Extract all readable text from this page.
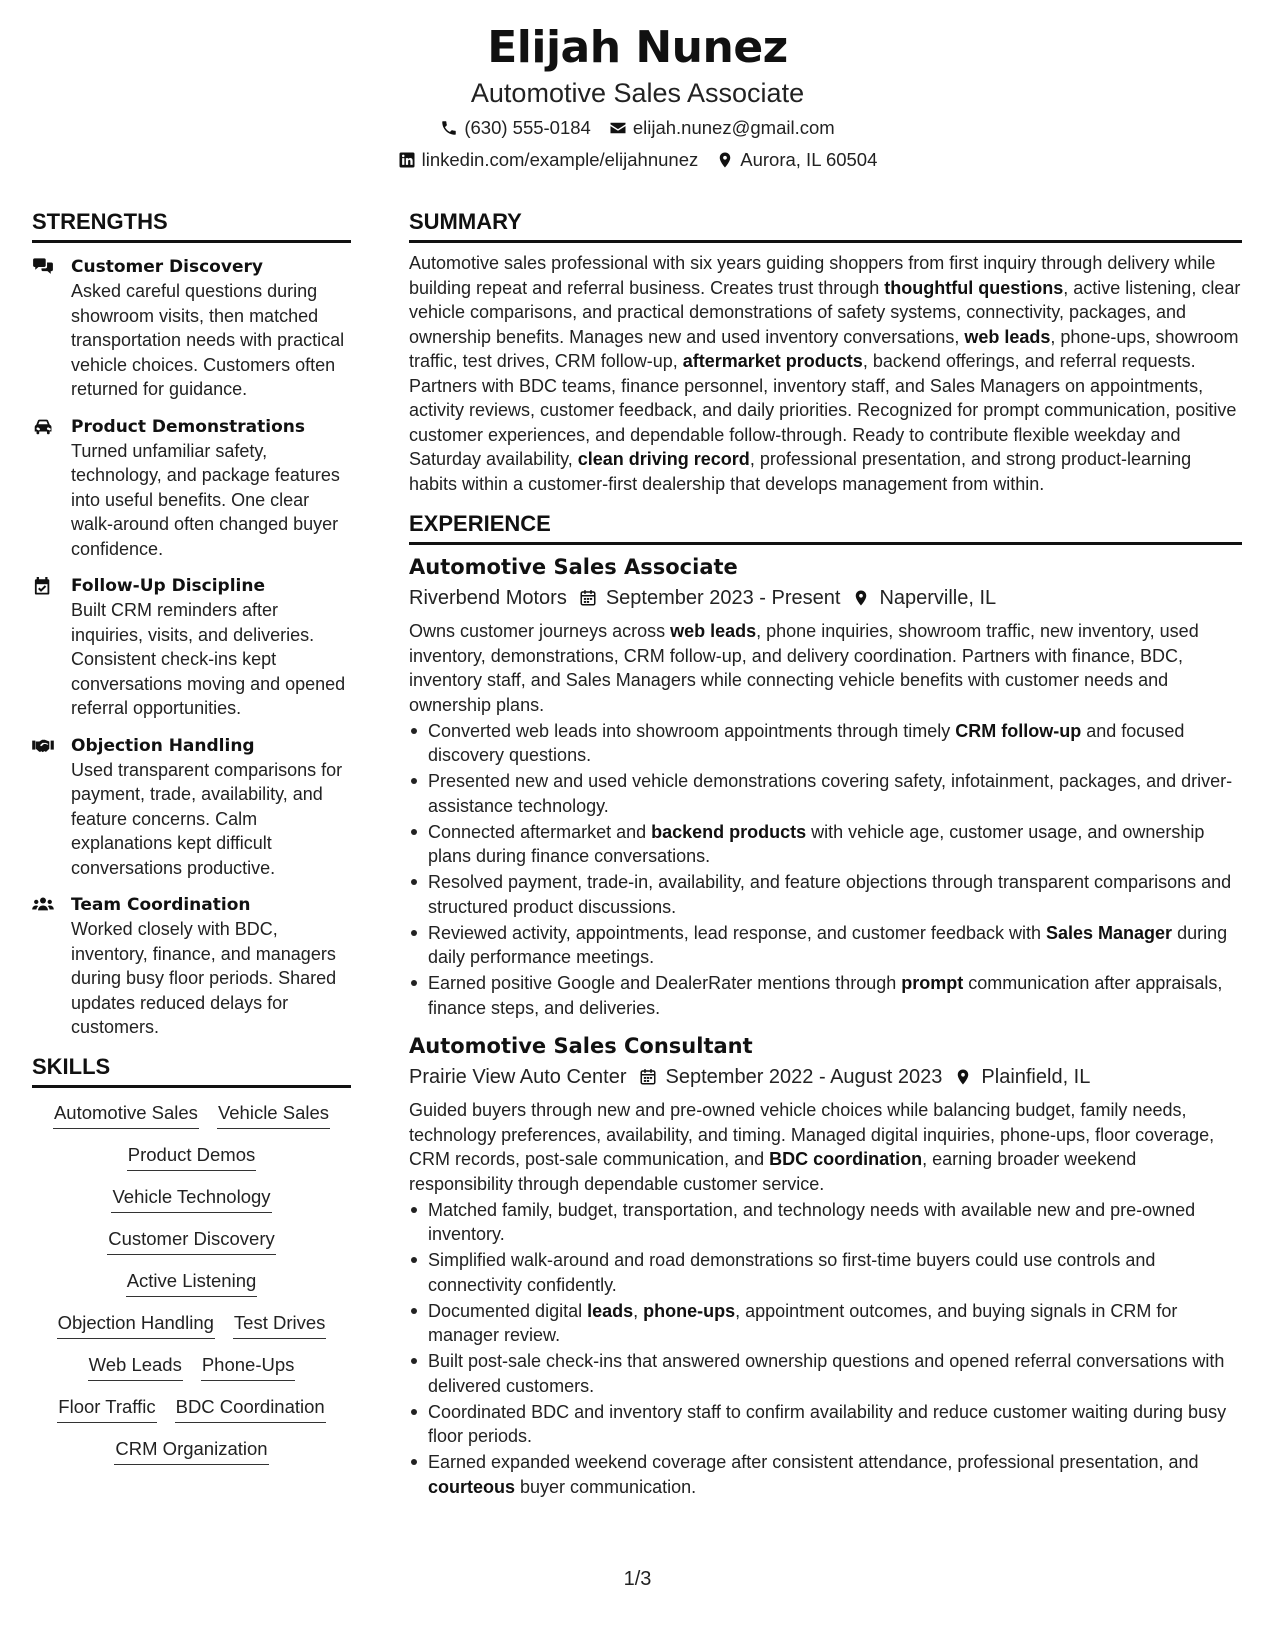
Elijah Nunez
Automotive Sales Associate
(630) 555-0184 elijah.nunez@gmail.com
linkedin.com/example/elijahnunez Aurora, IL 60504
STRENGTHS
Customer Discovery
Asked careful questions during showroom visits, then matched transportation needs with practical vehicle choices. Customers often returned for guidance.
Product Demonstrations
Turned unfamiliar safety, technology, and package features into useful benefits. One clear walk-around often changed buyer confidence.
Follow-Up Discipline
Built CRM reminders after inquiries, visits, and deliveries. Consistent check-ins kept conversations moving and opened referral opportunities.
Objection Handling
Used transparent comparisons for payment, trade, availability, and feature concerns. Calm explanations kept difficult conversations productive.
Team Coordination
Worked closely with BDC, inventory, finance, and managers during busy floor periods. Shared updates reduced delays for customers.
SKILLS
Automotive Sales Vehicle Sales
Product Demos
Vehicle Technology
Customer Discovery
Active Listening
Objection Handling Test Drives
Web Leads Phone-Ups
Floor Traffic BDC Coordination
CRM Organization
SUMMARY
Automotive sales professional with six years guiding shoppers from first inquiry through delivery while building repeat and referral business. Creates trust through thoughtful questions, active listening, clear vehicle comparisons, and practical demonstrations of safety systems, connectivity, packages, and ownership benefits. Manages new and used inventory conversations, web leads, phone-ups, showroom traffic, test drives, CRM follow-up, aftermarket products, backend offerings, and referral requests. Partners with BDC teams, finance personnel, inventory staff, and Sales Managers on appointments, activity reviews, customer feedback, and daily priorities. Recognized for prompt communication, positive customer experiences, and dependable follow-through. Ready to contribute flexible weekday and Saturday availability, clean driving record, professional presentation, and strong product-learning habits within a customer-first dealership that develops management from within.
EXPERIENCE
Automotive Sales Associate
Riverbend Motors September 2023 - Present Naperville, IL
Owns customer journeys across web leads, phone inquiries, showroom traffic, new inventory, used inventory, demonstrations, CRM follow-up, and delivery coordination. Partners with finance, BDC, inventory staff, and Sales Managers while connecting vehicle benefits with customer needs and ownership plans.
Converted web leads into showroom appointments through timely CRM follow-up and focused discovery questions.
Presented new and used vehicle demonstrations covering safety, infotainment, packages, and driver-assistance technology.
Connected aftermarket and backend products with vehicle age, customer usage, and ownership plans during finance conversations.
Resolved payment, trade-in, availability, and feature objections through transparent comparisons and structured product discussions.
Reviewed activity, appointments, lead response, and customer feedback with Sales Manager during daily performance meetings.
Earned positive Google and DealerRater mentions through prompt communication after appraisals, finance steps, and deliveries.
Automotive Sales Consultant
Prairie View Auto Center September 2022 - August 2023 Plainfield, IL
Guided buyers through new and pre-owned vehicle choices while balancing budget, family needs, technology preferences, availability, and timing. Managed digital inquiries, phone-ups, floor coverage, CRM records, post-sale communication, and BDC coordination, earning broader weekend responsibility through dependable customer service.
Matched family, budget, transportation, and technology needs with available new and pre-owned inventory.
Simplified walk-around and road demonstrations so first-time buyers could use controls and connectivity confidently.
Documented digital leads, phone-ups, appointment outcomes, and buying signals in CRM for manager review.
Built post-sale check-ins that answered ownership questions and opened referral conversations with delivered customers.
Coordinated BDC and inventory staff to confirm availability and reduce customer waiting during busy floor periods.
Earned expanded weekend coverage after consistent attendance, professional presentation, and courteous buyer communication.
1/3
